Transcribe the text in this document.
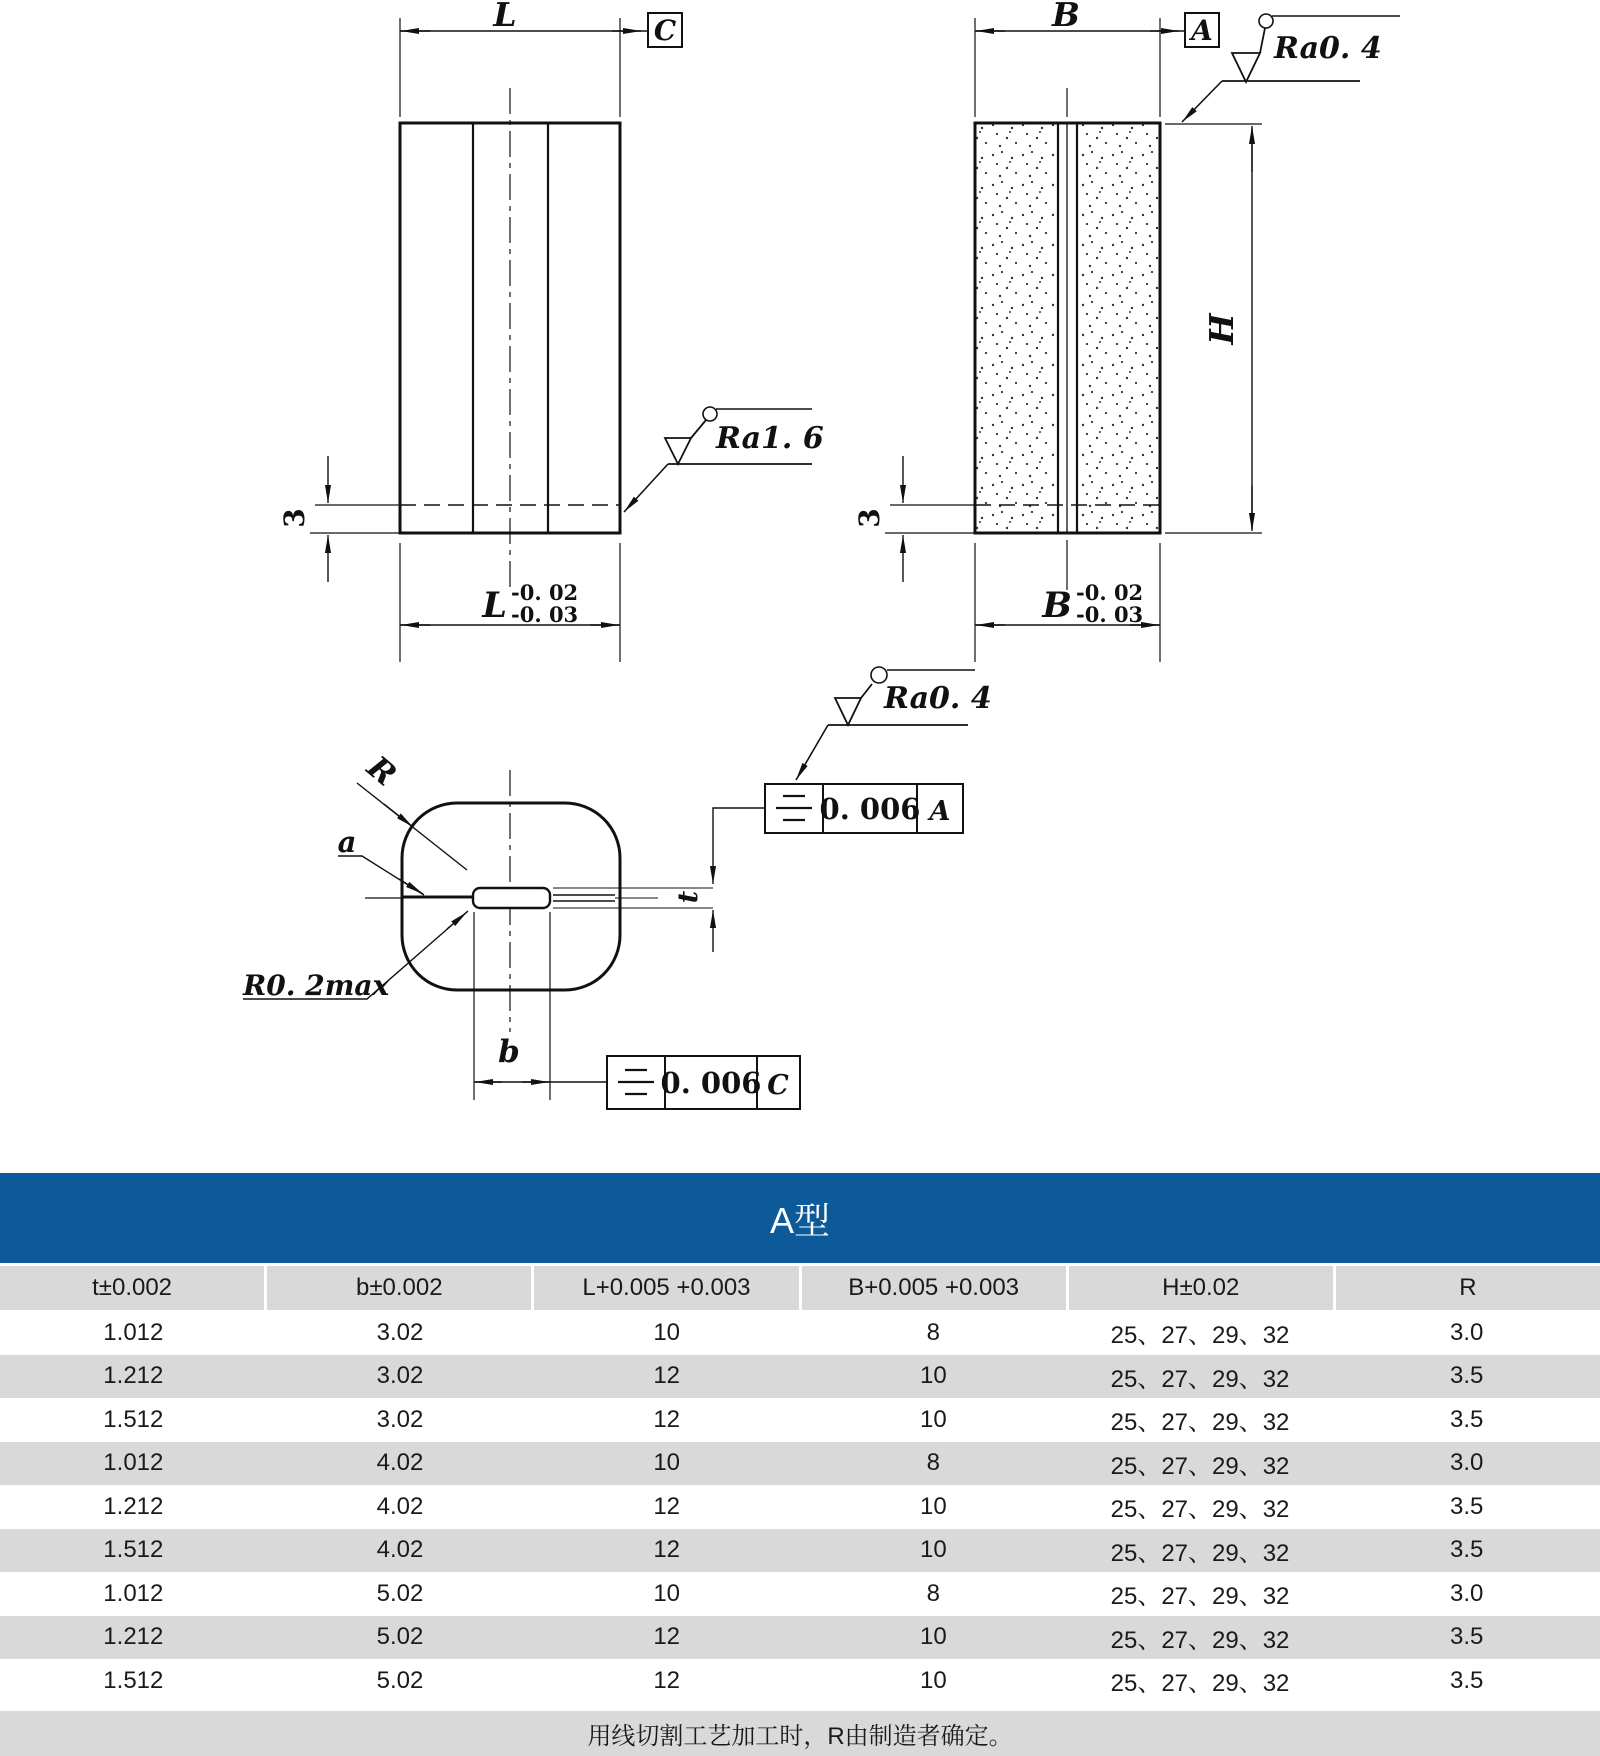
L	C
3
L -0. 02
-0. 03
Ra1. 6
B	A
3
H
B -0. 02
-0. 03
Ra0. 4
R
a
R0. 2max
t
b
Ra0. 4
0. 006 A
0. 006 C
A型
t±0.002	b±0.002	L+0.005 +0.003	B+0.005 +0.003	H±0.02	R
1.012	3.02	10	8	25、27、29、32	3.0
1.212	3.02	12	10	25、27、29、32	3.5
1.512	3.02	12	10	25、27、29、32	3.5
1.012	4.02	10	8	25、27、29、32	3.0
1.212	4.02	12	10	25、27、29、32	3.5
1.512	4.02	12	10	25、27、29、32	3.5
1.012	5.02	10	8	25、27、29、32	3.0
1.212	5.02	12	10	25、27、29、32	3.5
1.512	5.02	12	10	25、27、29、32	3.5
用线切割工艺加工时，R由制造者确定。
